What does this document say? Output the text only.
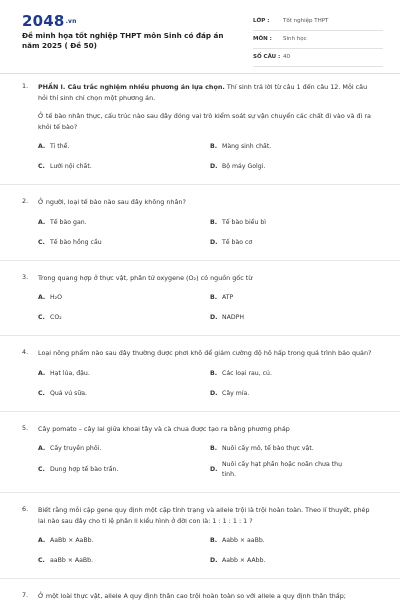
2048.vn
Đề minh họa tốt nghiệp THPT môn Sinh có đáp án năm 2025 ( Đề 50)
LỚP : Tốt nghiệp THPT
MÔN : Sinh học
SỐ CÂU : 40
1. PHẦN I. Câu trắc nghiệm nhiều phương án lựa chọn. Thí sinh trả lời từ câu 1 đến câu 12. Mỗi câu hỏi thí sinh chỉ chọn một phương án.
Ở tế bào nhân thực, cấu trúc nào sau đây đóng vai trò kiểm soát sự vận chuyển các chất đi vào và đi ra khỏi tế bào?
A. Ti thể.	B. Màng sinh chất.
C. Lưới nội chất.	D. Bộ máy Golgi.
2. Ở người, loại tế bào nào sau đây không nhân?
A. Tế bào gan.	B. Tế bào biểu bì
C. Tế bào hồng cầu	D. Tế bào cơ
3. Trong quang hợp ở thực vật, phân tử oxygene (O₂) có nguồn gốc từ
A. H₂O	B. ATP
C. CO₂	D. NADPH
4. Loại nông phẩm nào sau đây thường được phơi khô để giảm cường độ hô hấp trong quá trình bảo quản?
A. Hạt lúa, đậu.	B. Các loại rau, củ.
C. Quả vú sữa.	D. Cây mía.
5. Cây pomato – cây lai giữa khoai tây và cà chua được tạo ra bằng phương pháp
A. Cấy truyền phôi.	B. Nuôi cấy mô, tế bào thực vật.
C. Dung hợp tế bào trần.	D.
Nuôi cấy hạt phấn hoặc noãn chưa thụ tinh.
6. Biết rằng mỗi cặp gene quy định một cặp tính trạng và allele trội là trội hoàn toàn. Theo lí thuyết, phép lai nào sau đây cho tỉ lệ phân li kiểu hình ở đời con là: 1 : 1 : 1 : 1 ?
A. AaBb × AaBb.	B. Aabb × aaBb.
C. aaBb × AaBb.	D. Aabb × AAbb.
7. Ở một loài thực vật, allele A quy định thân cao trội hoàn toàn so với allele a quy định thân thấp;
